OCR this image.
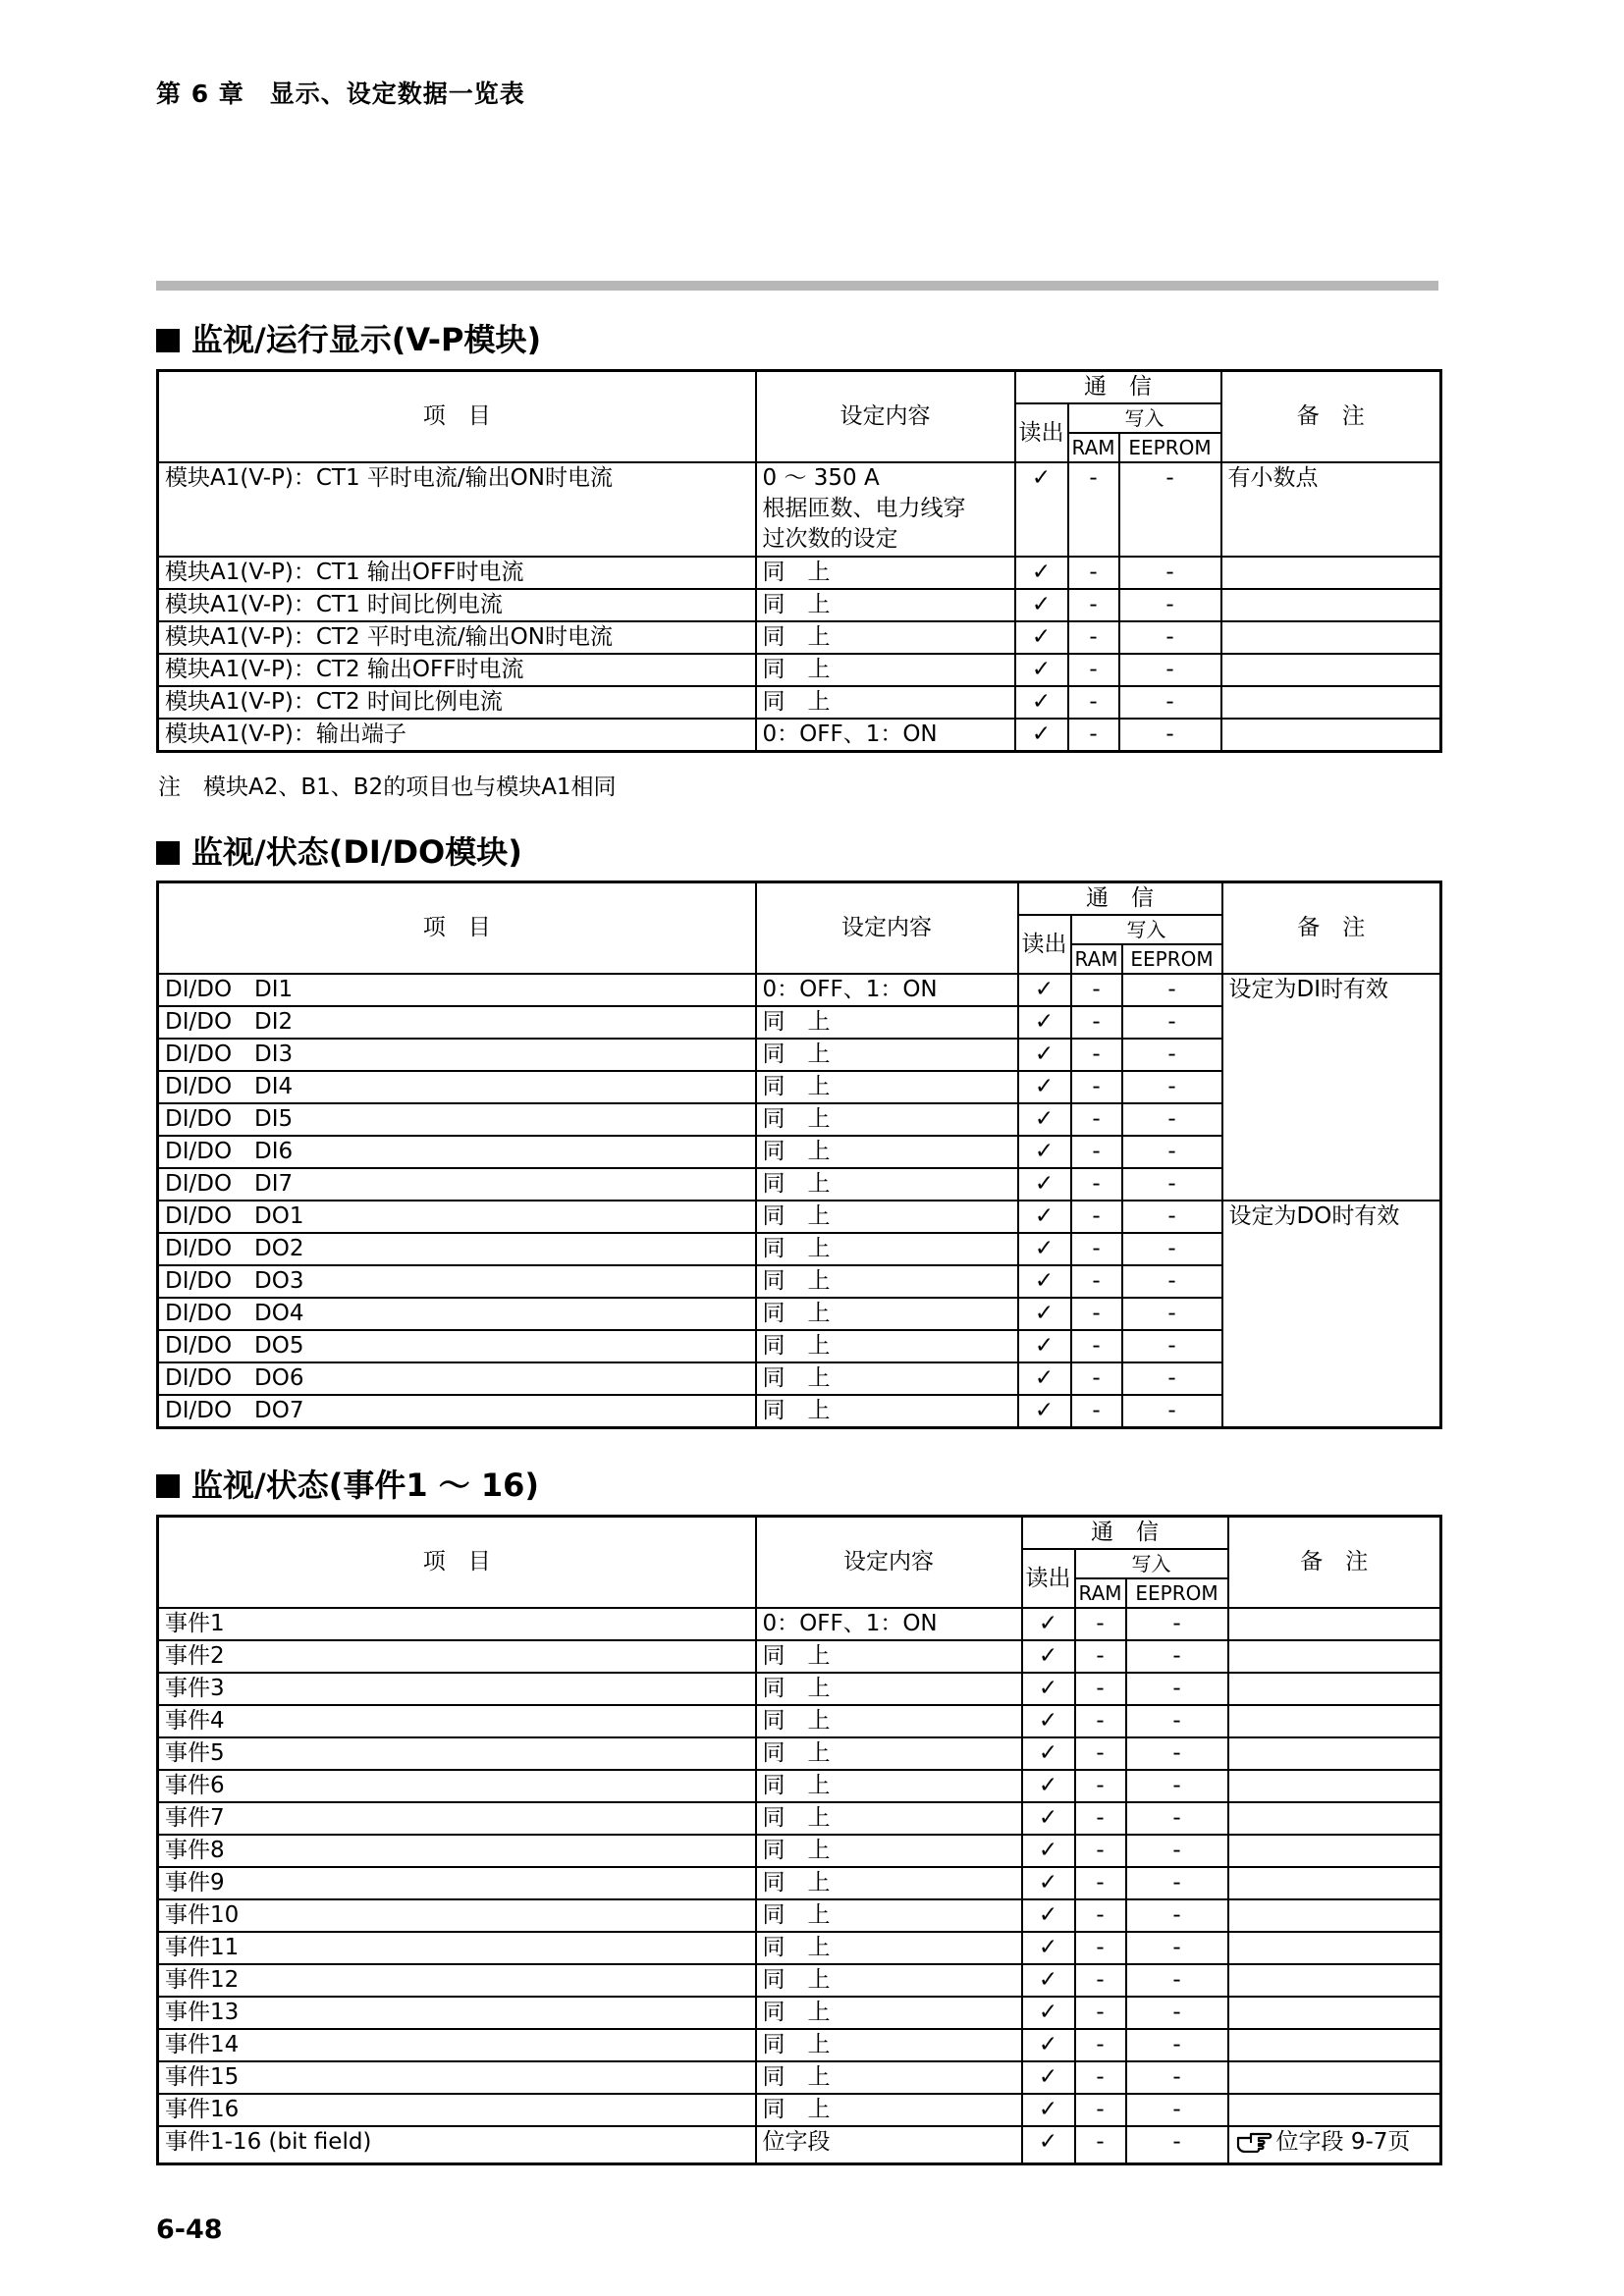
第 6 章　显示、设定数据一览表
监视/运行显示(V-P模块)
项　目	设定内容	通　信			备　注
		读出	写入		
			RAM	EEPROM	
模块A1(V-P)：CT1 平时电流/输出ON时电流	0 ～ 350 A
根据匝数、电力线穿
过次数的设定	✓	-	-	有小数点
模块A1(V-P)：CT1 输出OFF时电流	同　上	✓	-	-	
模块A1(V-P)：CT1 时间比例电流	同　上	✓	-	-	
模块A1(V-P)：CT2 平时电流/输出ON时电流	同　上	✓	-	-	
模块A1(V-P)：CT2 输出OFF时电流	同　上	✓	-	-	
模块A1(V-P)：CT2 时间比例电流	同　上	✓	-	-	
模块A1(V-P)：输出端子	0：OFF、1：ON	✓	-	-	
注　模块A2、B1、B2的项目也与模块A1相同
监视/状态(DI/DO模块)
项　目	设定内容	通　信			备　注
		读出	写入		
			RAM	EEPROM	
DI/DO　DI1	0：OFF、1：ON	✓	-	-	设定为DI时有效
DI/DO　DI2	同　上	✓	-	-	
DI/DO　DI3	同　上	✓	-	-	
DI/DO　DI4	同　上	✓	-	-	
DI/DO　DI5	同　上	✓	-	-	
DI/DO　DI6	同　上	✓	-	-	
DI/DO　DI7	同　上	✓	-	-	
DI/DO　DO1	同　上	✓	-	-	设定为DO时有效
DI/DO　DO2	同　上	✓	-	-	
DI/DO　DO3	同　上	✓	-	-	
DI/DO　DO4	同　上	✓	-	-	
DI/DO　DO5	同　上	✓	-	-	
DI/DO　DO6	同　上	✓	-	-	
DI/DO　DO7	同　上	✓	-	-	
监视/状态(事件1 ～ 16)
项　目	设定内容	通　信			备　注
		读出	写入		
			RAM	EEPROM	
事件1	0：OFF、1：ON	✓	-	-	
事件2	同　上	✓	-	-	
事件3	同　上	✓	-	-	
事件4	同　上	✓	-	-	
事件5	同　上	✓	-	-	
事件6	同　上	✓	-	-	
事件7	同　上	✓	-	-	
事件8	同　上	✓	-	-	
事件9	同　上	✓	-	-	
事件10	同　上	✓	-	-	
事件11	同　上	✓	-	-	
事件12	同　上	✓	-	-	
事件13	同　上	✓	-	-	
事件14	同　上	✓	-	-	
事件15	同　上	✓	-	-	
事件16	同　上	✓	-	-	
事件1-16 (bit field)	位字段	✓	-	-	位字段 9-7页
6-48
